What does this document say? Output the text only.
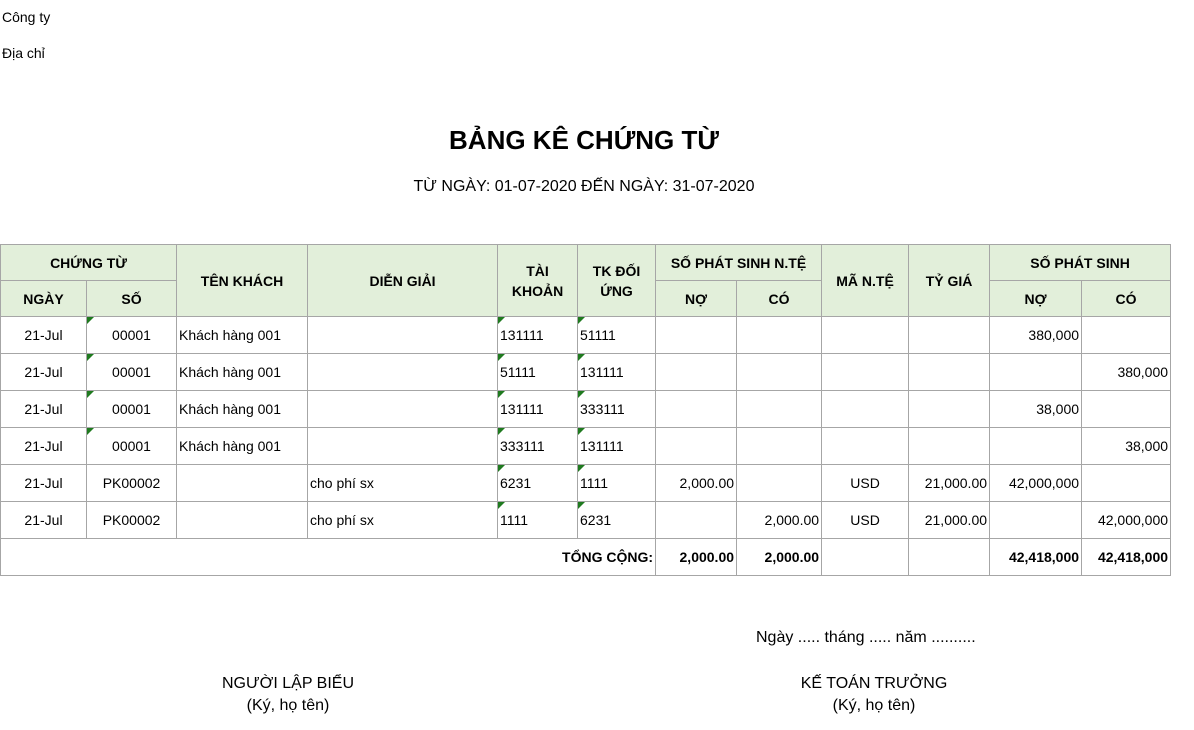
Công ty
Địa chỉ
BẢNG KÊ CHỨNG TỪ
TỪ NGÀY: 01-07-2020 ĐẾN NGÀY: 31-07-2020
CHỨNG TỪ		TÊN KHÁCH	DIỄN GIẢI	TÀI KHOẢN	TK ĐỐI ỨNG	SỐ PHÁT SINH N.TỆ		MÃ N.TỆ	TỶ GIÁ	SỐ PHÁT SINH	
NGÀY	SỐ					NỢ	CÓ			NỢ	CÓ
21-Jul	00001	Khách hàng 001		131111	51111					380,000	
21-Jul	00001	Khách hàng 001		51111	131111						380,000
21-Jul	00001	Khách hàng 001		131111	333111					38,000	
21-Jul	00001	Khách hàng 001		333111	131111						38,000
21-Jul	PK00002		cho phí sx	6231	1111	2,000.00		USD	21,000.00	42,000,000	
21-Jul	PK00002		cho phí sx	1111	6231		2,000.00	USD	21,000.00		42,000,000
TỔNG CỘNG:						2,000.00	2,000.00			42,418,000	42,418,000
Ngày ..... tháng ..... năm ..........
NGƯỜI LẬP BIỂU
(Ký, họ tên)
KẾ TOÁN TRƯỞNG
(Ký, họ tên)
